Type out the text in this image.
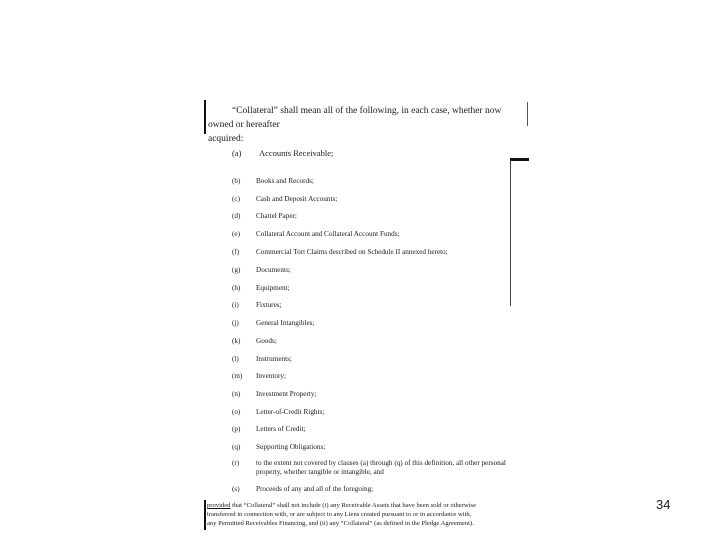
“Collateral” shall mean all of the following, in each case, whether now owned or hereafter
acquired:
(a)	Accounts Receivable;
(b)	Books and Records;
(c)	Cash and Deposit Accounts;
(d)	Chattel Paper;
(e)	Collateral Account and Collateral Account Funds;
(f)	Commercial Tort Claims described on Schedule II annexed hereto;
(g)	Documents;
(h)	Equipment;
(i)	Fixtures;
(j)	General Intangibles;
(k)	Goods;
(l)	Instruments;
(m)	Inventory;
(n)	Investment Property;
(o)	Letter-of-Credit Rights;
(p)	Letters of Credit;
(q)	Supporting Obligations;
(r)	to the extent not covered by clauses (a) through (q) of this definition, all other personal property, whether tangible or intangible, and
(s)	Proceeds of any and all of the foregoing;
provided that “Collateral” shall not include (i) any Receivable Assets that have been sold or otherwise
transferred in connection with, or are subject to any Liens created pursuant to or in accordance with,
any Permitted Receivables Financing, and (ii) any “Collateral” (as defined in the Pledge Agreement).
34
